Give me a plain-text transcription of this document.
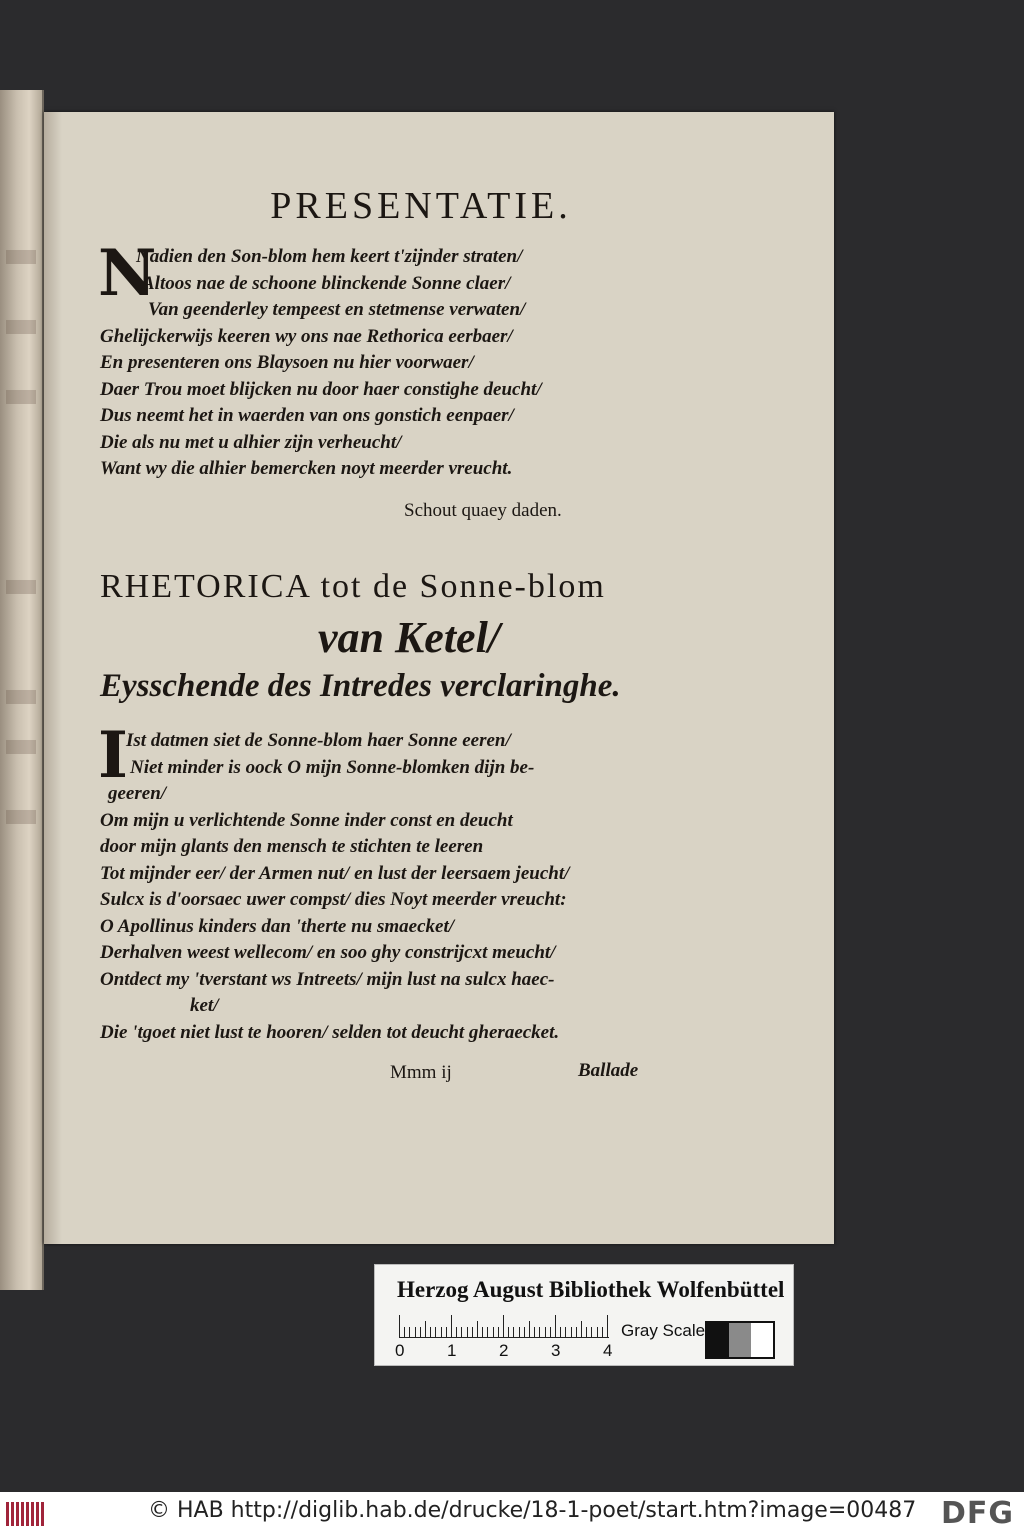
PRESENTATIE.
N
Nadien den Son-blom hem keert t'zijnder straten/
Altoos nae de schoone blinckende Sonne claer/
Van geenderley tempeest en stetmense verwaten/
Ghelijckerwijs keeren wy ons nae Rethorica eerbaer/
En presenteren ons Blaysoen nu hier voorwaer/
Daer Trou moet blijcken nu door haer constighe deucht/
Dus neemt het in waerden van ons gonstich eenpaer/
Die als nu met u alhier zijn verheucht/
Want wy die alhier bemercken noyt meerder vreucht.
Schout quaey daden.
RHETORICA tot de Sonne-blom
van Ketel/
Eysschende des Intredes verclaringhe.
I
Ist datmen siet de Sonne-blom haer Sonne eeren/
Niet minder is oock O mijn Sonne-blomken dijn be-
geeren/
Om mijn u verlichtende Sonne inder const en deucht
door mijn glants den mensch te stichten te leeren
Tot mijnder eer/ der Armen nut/ en lust der leersaem jeucht/
Sulcx is d'oorsaec uwer compst/ dies Noyt meerder vreucht:
O Apollinus kinders dan 'therte nu smaecket/
Derhalven weest wellecom/ en soo ghy constrijcxt meucht/
Ontdect my 'tverstant ws Intreets/ mijn lust na sulcx haec-
ket/
Die 'tgoet niet lust te hooren/ selden tot deucht gheraecket.
Mmm ij	Ballade
Herzog August Bibliothek Wolfenbüttel
0	1	2	3	4
Gray Scale
© HAB http://diglib.hab.de/drucke/18-1-poet/start.htm?image=00487 DFG
